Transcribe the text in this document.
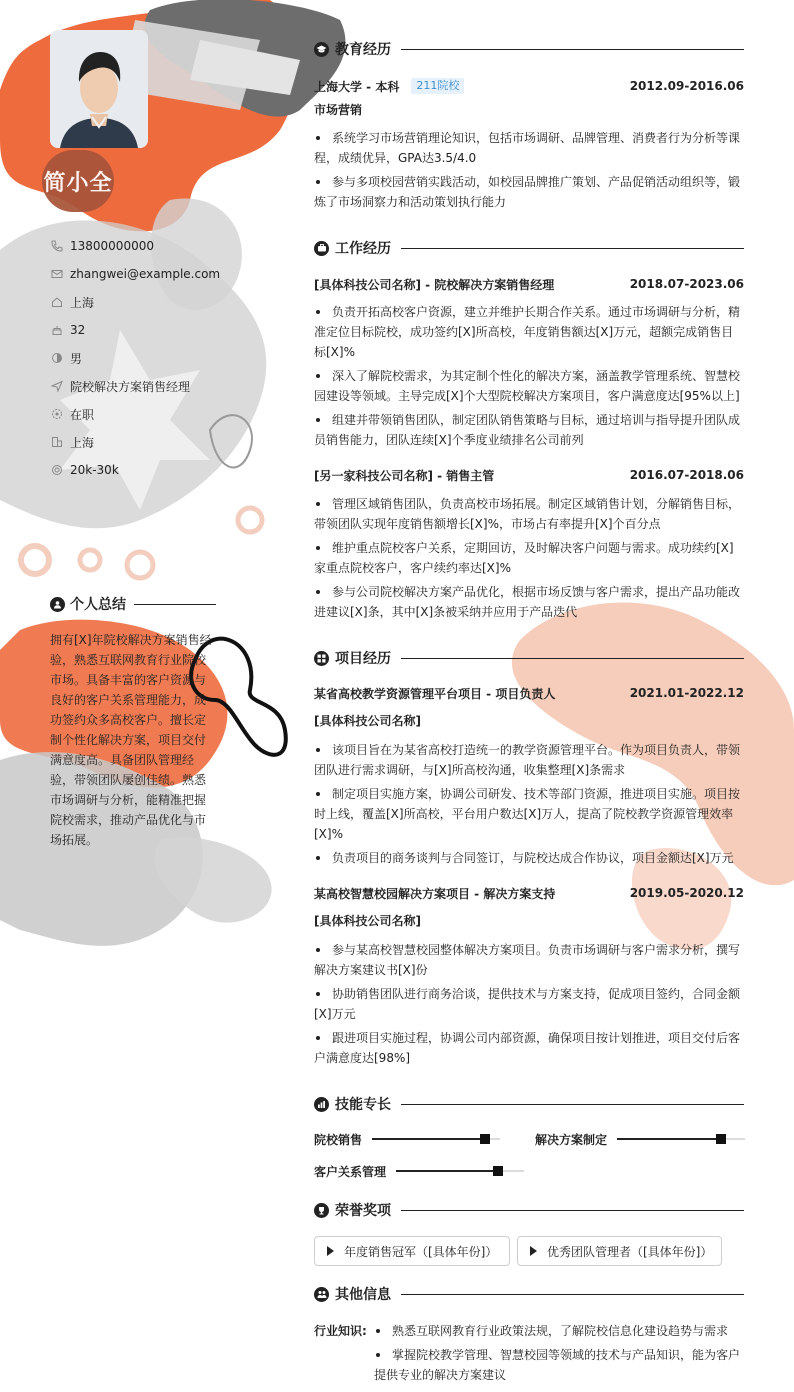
简小全
13800000000
zhangwei@example.com
上海
32
男
院校解决方案销售经理
在职
上海
20k-30k
个人总结
拥有[X]年院校解决方案销售经验，熟悉互联网教育行业院校市场。具备丰富的客户资源与良好的客户关系管理能力，成功签约众多高校客户。擅长定制个性化解决方案，项目交付满意度高。具备团队管理经验，带领团队屡创佳绩。熟悉市场调研与分析，能精准把握院校需求，推动产品优化与市场拓展。
教育经历
上海大学 - 本科	211院校	2012.09-2016.06
市场营销
系统学习市场营销理论知识，包括市场调研、品牌管理、消费者行为分析等课程，成绩优异，GPA达3.5/4.0
参与多项校园营销实践活动，如校园品牌推广策划、产品促销活动组织等，锻炼了市场洞察力和活动策划执行能力
工作经历
[具体科技公司名称] - 院校解决方案销售经理	2018.07-2023.06
负责开拓高校客户资源，建立并维护长期合作关系。通过市场调研与分析，精准定位目标院校，成功签约[X]所高校，年度销售额达[X]万元，超额完成销售目标[X]%
深入了解院校需求，为其定制个性化的解决方案，涵盖教学管理系统、智慧校园建设等领域。主导完成[X]个大型院校解决方案项目，客户满意度达[95%以上]
组建并带领销售团队，制定团队销售策略与目标，通过培训与指导提升团队成员销售能力，团队连续[X]个季度业绩排名公司前列
[另一家科技公司名称] - 销售主管	2016.07-2018.06
管理区域销售团队，负责高校市场拓展。制定区域销售计划，分解销售目标，带领团队实现年度销售额增长[X]%，市场占有率提升[X]个百分点
维护重点院校客户关系，定期回访，及时解决客户问题与需求。成功续约[X]家重点院校客户，客户续约率达[X]%
参与公司院校解决方案产品优化，根据市场反馈与客户需求，提出产品功能改进建议[X]条，其中[X]条被采纳并应用于产品迭代
项目经历
某省高校教学资源管理平台项目 - 项目负责人	2021.01-2022.12
[具体科技公司名称]
该项目旨在为某省高校打造统一的教学资源管理平台。作为项目负责人，带领团队进行需求调研，与[X]所高校沟通，收集整理[X]条需求
制定项目实施方案，协调公司研发、技术等部门资源，推进项目实施。项目按时上线，覆盖[X]所高校，平台用户数达[X]万人，提高了院校教学资源管理效率[X]%
负责项目的商务谈判与合同签订，与院校达成合作协议，项目金额达[X]万元
某高校智慧校园解决方案项目 - 解决方案支持	2019.05-2020.12
[具体科技公司名称]
参与某高校智慧校园整体解决方案项目。负责市场调研与客户需求分析，撰写解决方案建议书[X]份
协助销售团队进行商务洽谈，提供技术与方案支持，促成项目签约，合同金额[X]万元
跟进项目实施过程，协调公司内部资源，确保项目按计划推进，项目交付后客户满意度达[98%]
技能专长
院校销售	解决方案制定
客户关系管理
荣誉奖项
年度销售冠军（[具体年份]）	优秀团队管理者（[具体年份]）
其他信息
行业知识:	熟悉互联网教育行业政策法规，了解院校信息化建设趋势与需求
掌握院校教学管理、智慧校园等领域的技术与产品知识，能为客户提供专业的解决方案建议
